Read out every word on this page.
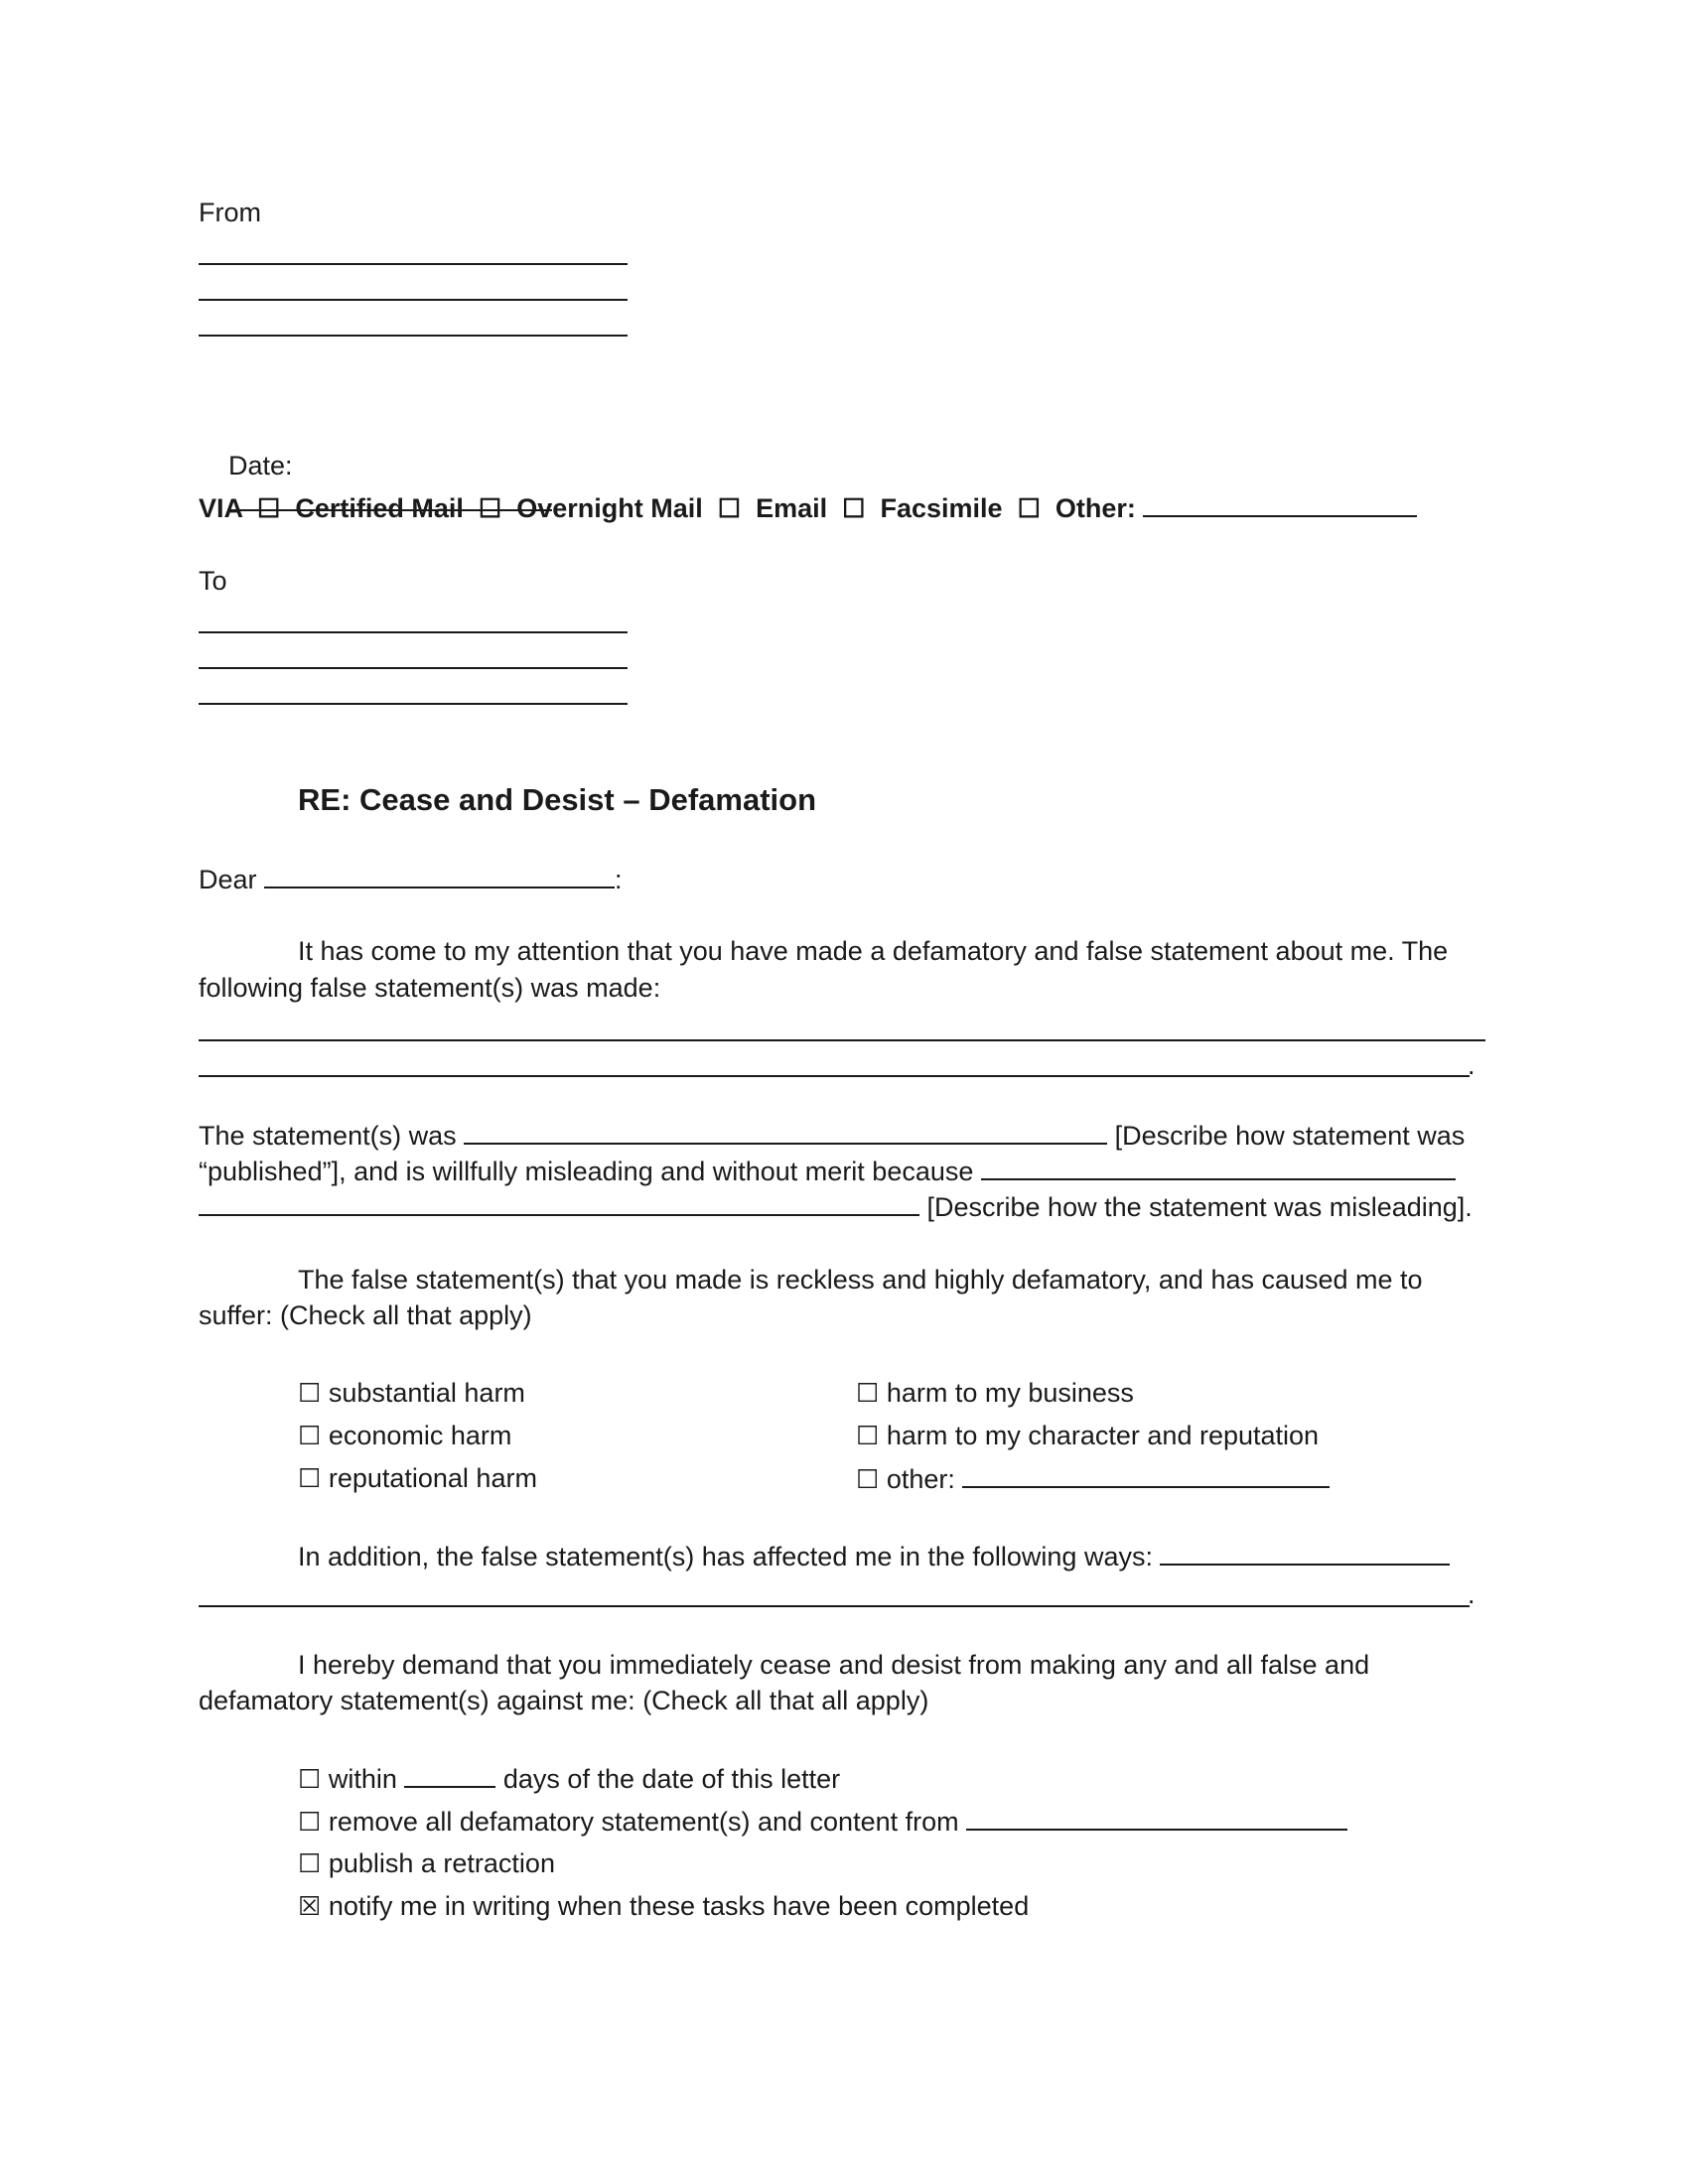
From

Date:

VIA ☐ Certified Mail ☐ Overnight Mail ☐ Email ☐ Facsimile ☐ Other:
To
RE: Cease and Desist – Defamation
Dear	:
It has come to my attention that you have made a defamatory and false statement about me. The
following false statement(s) was made:
.
The statement(s) was	[Describe how statement was
“published”], and is willfully misleading and without merit because
[Describe how the statement was misleading].
The false statement(s) that you made is reckless and highly defamatory, and has caused me to
suffer: (Check all that apply)
☐ substantial harm
☐ economic harm
☐ reputational harm
☐ harm to my business
☐ harm to my character and reputation
☐ other:
In addition, the false statement(s) has affected me in the following ways:
.
I hereby demand that you immediately cease and desist from making any and all false and
defamatory statement(s) against me: (Check all that all apply)
☐ within	days of the date of this letter
☐ remove all defamatory statement(s) and content from
☐ publish a retraction
☒ notify me in writing when these tasks have been completed
